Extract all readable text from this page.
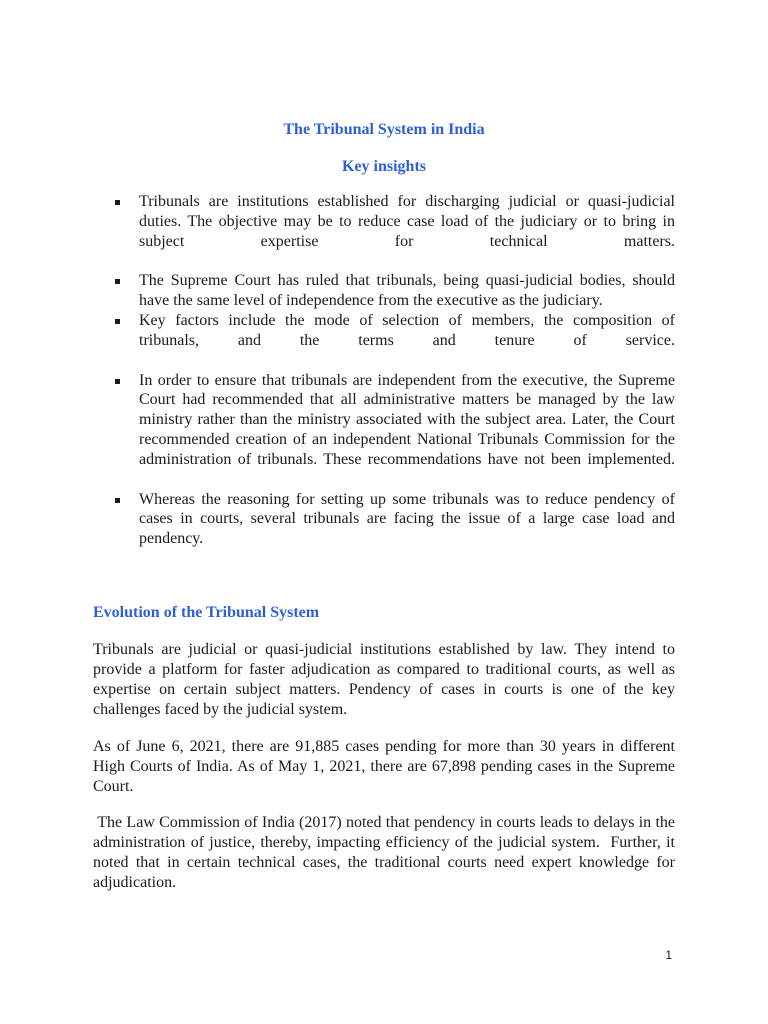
The Tribunal System in India
Key insights
Tribunals are institutions established for discharging judicial or quasi-judicial duties. The objective may be to reduce case load of the judiciary or to bring in subject expertise for technical matters.
The Supreme Court has ruled that tribunals, being quasi-judicial bodies, should have the same level of independence from the executive as the judiciary.
Key factors include the mode of selection of members, the composition of tribunals, and the terms and tenure of service.
In order to ensure that tribunals are independent from the executive, the Supreme Court had recommended that all administrative matters be managed by the law ministry rather than the ministry associated with the subject area. Later, the Court recommended creation of an independent National Tribunals Commission for the administration of tribunals. These recommendations have not been implemented.
Whereas the reasoning for setting up some tribunals was to reduce pendency of cases in courts, several tribunals are facing the issue of a large case load and pendency.
Evolution of the Tribunal System

Tribunals are judicial or quasi-judicial institutions established by law. They intend to provide a platform for faster adjudication as compared to traditional courts, as well as expertise on certain subject matters. Pendency of cases in courts is one of the key challenges faced by the judicial system.

As of June 6, 2021, there are 91,885 cases pending for more than 30 years in different High Courts of India. As of May 1, 2021, there are 67,898 pending cases in the Supreme Court.

The Law Commission of India (2017) noted that pendency in courts leads to delays in the administration of justice, thereby, impacting efficiency of the judicial system.  Further, it noted that in certain technical cases, the traditional courts need expert knowledge for adjudication.

1
